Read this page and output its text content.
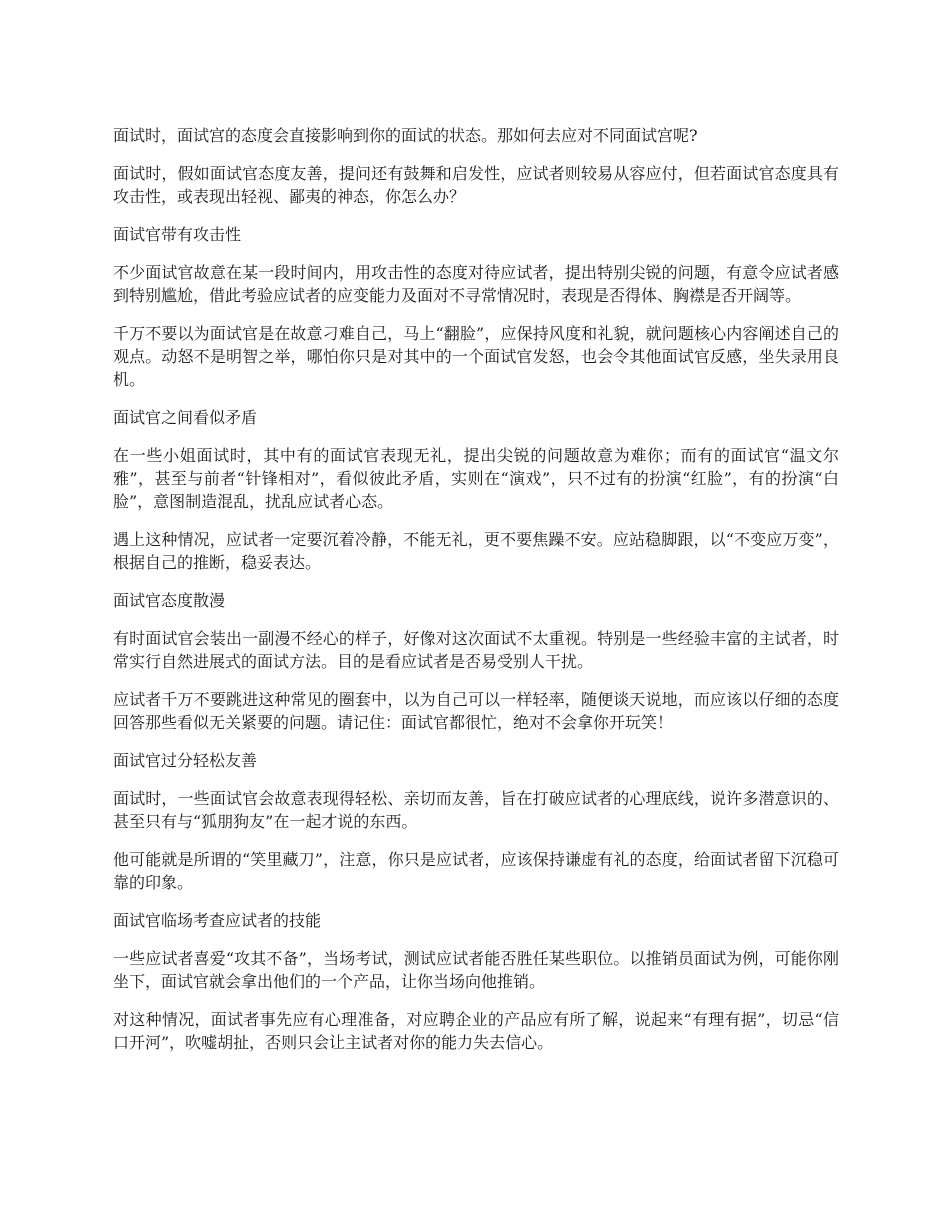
面试时，面试宫的态度会直接影响到你的面试的状态。那如何去应对不同面试宫呢?

面试时，假如面试官态度友善，提问还有鼓舞和启发性，应试者则较易从容应付，但若面试官态度具有攻击性，或表现出轻视、鄙夷的神态，你怎么办？

面试官带有攻击性

不少面试官故意在某一段时间内，用攻击性的态度对待应试者，提出特别尖锐的问题，有意令应试者感到特别尴尬，借此考验应试者的应变能力及面对不寻常情况时，表现是否得体、胸襟是否开阔等。

千万不要以为面试官是在故意刁难自己，马上“翻脸”，应保持风度和礼貌，就问题核心内容阐述自己的观点。动怒不是明智之举，哪怕你只是对其中的一个面试官发怒，也会令其他面试官反感，坐失录用良机。

面试官之间看似矛盾

在一些小姐面试时，其中有的面试官表现无礼，提出尖锐的问题故意为难你；而有的面试官“温文尔雅”，甚至与前者“针锋相对”，看似彼此矛盾，实则在“演戏”，只不过有的扮演“红脸”，有的扮演“白脸”，意图制造混乱，扰乱应试者心态。

遇上这种情况，应试者一定要沉着冷静，不能无礼，更不要焦躁不安。应站稳脚跟，以“不变应万变”，根据自己的推断，稳妥表达。

面试官态度散漫

有时面试官会装出一副漫不经心的样子，好像对这次面试不太重视。特别是一些经验丰富的主试者，时常实行自然进展式的面试方法。目的是看应试者是否易受别人干扰。

应试者千万不要跳进这种常见的圈套中，以为自己可以一样轻率，随便谈天说地，而应该以仔细的态度回答那些看似无关紧要的问题。请记住：面试官都很忙，绝对不会拿你开玩笑！

面试官过分轻松友善

面试时，一些面试官会故意表现得轻松、亲切而友善，旨在打破应试者的心理底线，说许多潜意识的、甚至只有与“狐朋狗友”在一起才说的东西。

他可能就是所谓的“笑里藏刀”，注意，你只是应试者，应该保持谦虚有礼的态度，给面试者留下沉稳可靠的印象。

面试官临场考查应试者的技能

一些应试者喜爱“攻其不备”，当场考试，测试应试者能否胜任某些职位。以推销员面试为例，可能你刚坐下，面试官就会拿出他们的一个产品，让你当场向他推销。

对这种情况，面试者事先应有心理准备，对应聘企业的产品应有所了解，说起来“有理有据”，切忌“信口开河”，吹嘘胡扯，否则只会让主试者对你的能力失去信心。
